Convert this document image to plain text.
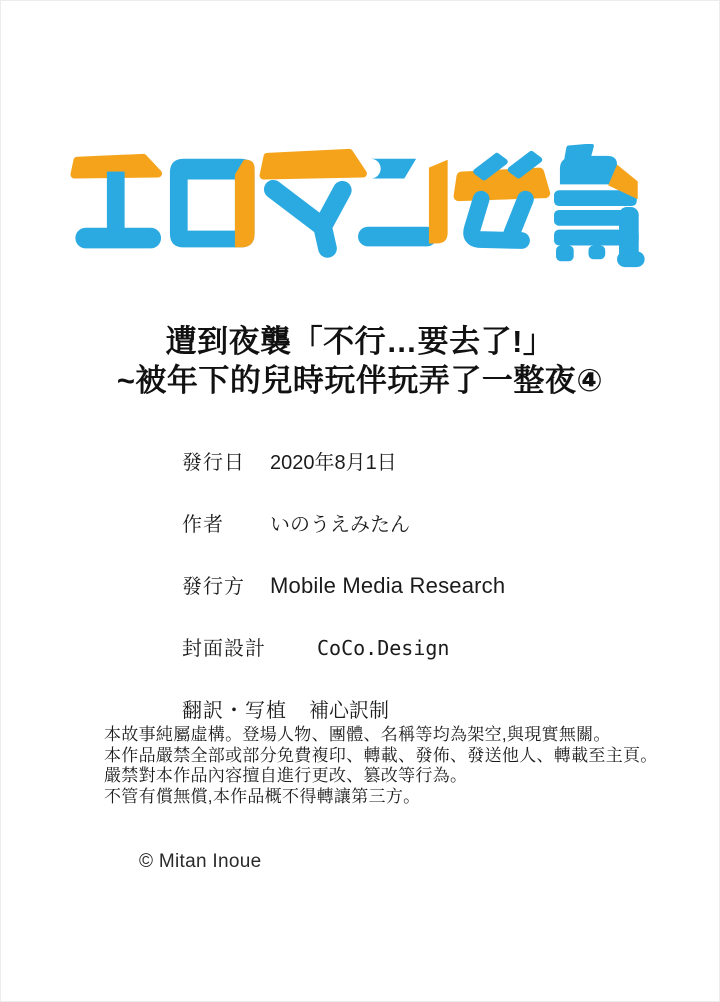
遭到夜襲「不行…要去了!」
~被年下的兒時玩伴玩弄了一整夜④
發行日	2020年8月1日
作者	いのうえみたん
發行方	Mobile Media Research
封面設計	CoCo.Design
翻訳・写植 補心訳制
本故事純屬虛構。登場人物、團體、名稱等均為架空,與現實無關。
本作品嚴禁全部或部分免費複印、轉載、發佈、發送他人、轉載至主頁。
嚴禁對本作品內容擅自進行更改、篡改等行為。
不管有償無償,本作品概不得轉讓第三方。
© Mitan Inoue
